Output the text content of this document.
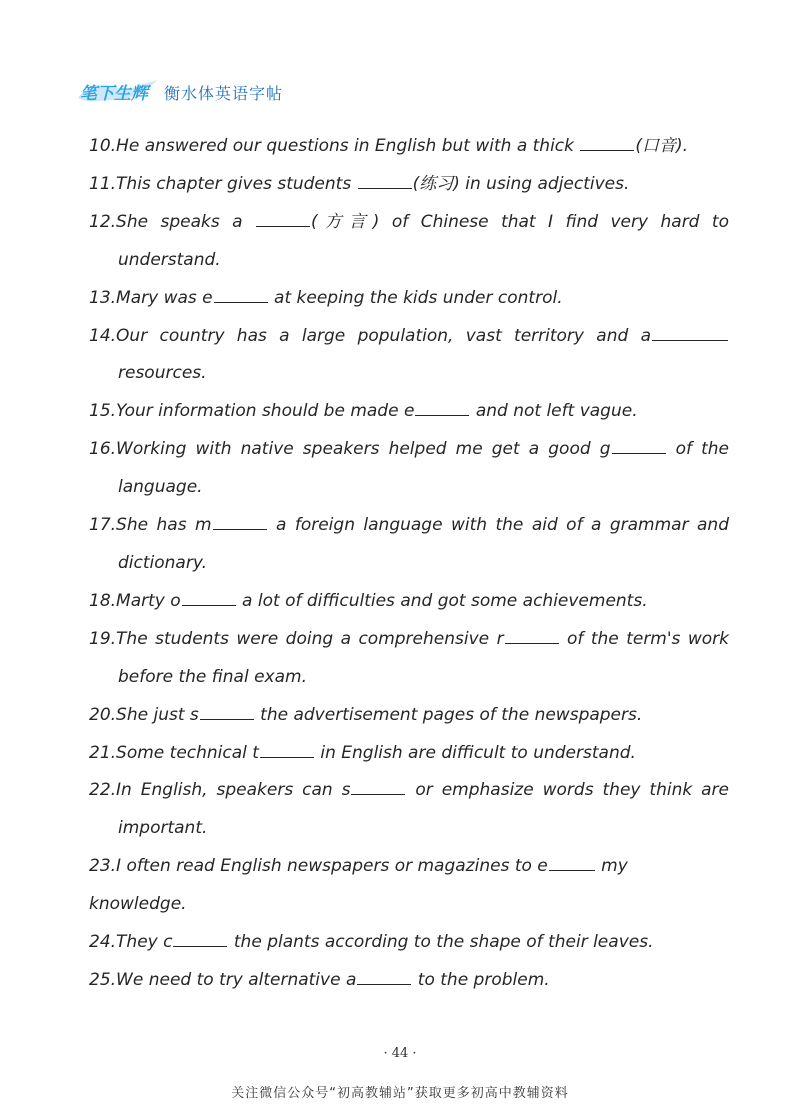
笔下生辉 衡水体英语字帖

10.He answered our questions in English but with a thick	(口音).

11.This chapter gives students	(练习) in using adjectives.

12.She speaks a	(方言) of Chinese that I find very hard to
understand.

13.Mary was e	at keeping the kids under control.

14.Our country has a large population, vast territory and a
resources.

15.Your information should be made e	and not left vague.

16.Working with native speakers helped me get a good g	of the
language.

17.She has m	a foreign language with the aid of a grammar and
dictionary.

18.Marty o	a lot of difficulties and got some achievements.

19.The students were doing a comprehensive r	of the term's work
before the final exam.

20.She just s	the advertisement pages of the newspapers.

21.Some technical t	in English are difficult to understand.

22.In English, speakers can s	or emphasize words they think are
important.

23.I often read English newspapers or magazines to e	my knowledge.

24.They c	the plants according to the shape of their leaves.

25.We need to try alternative a	to the problem.

· 44 ·
关注微信公众号“初高教辅站”获取更多初高中教辅资料
